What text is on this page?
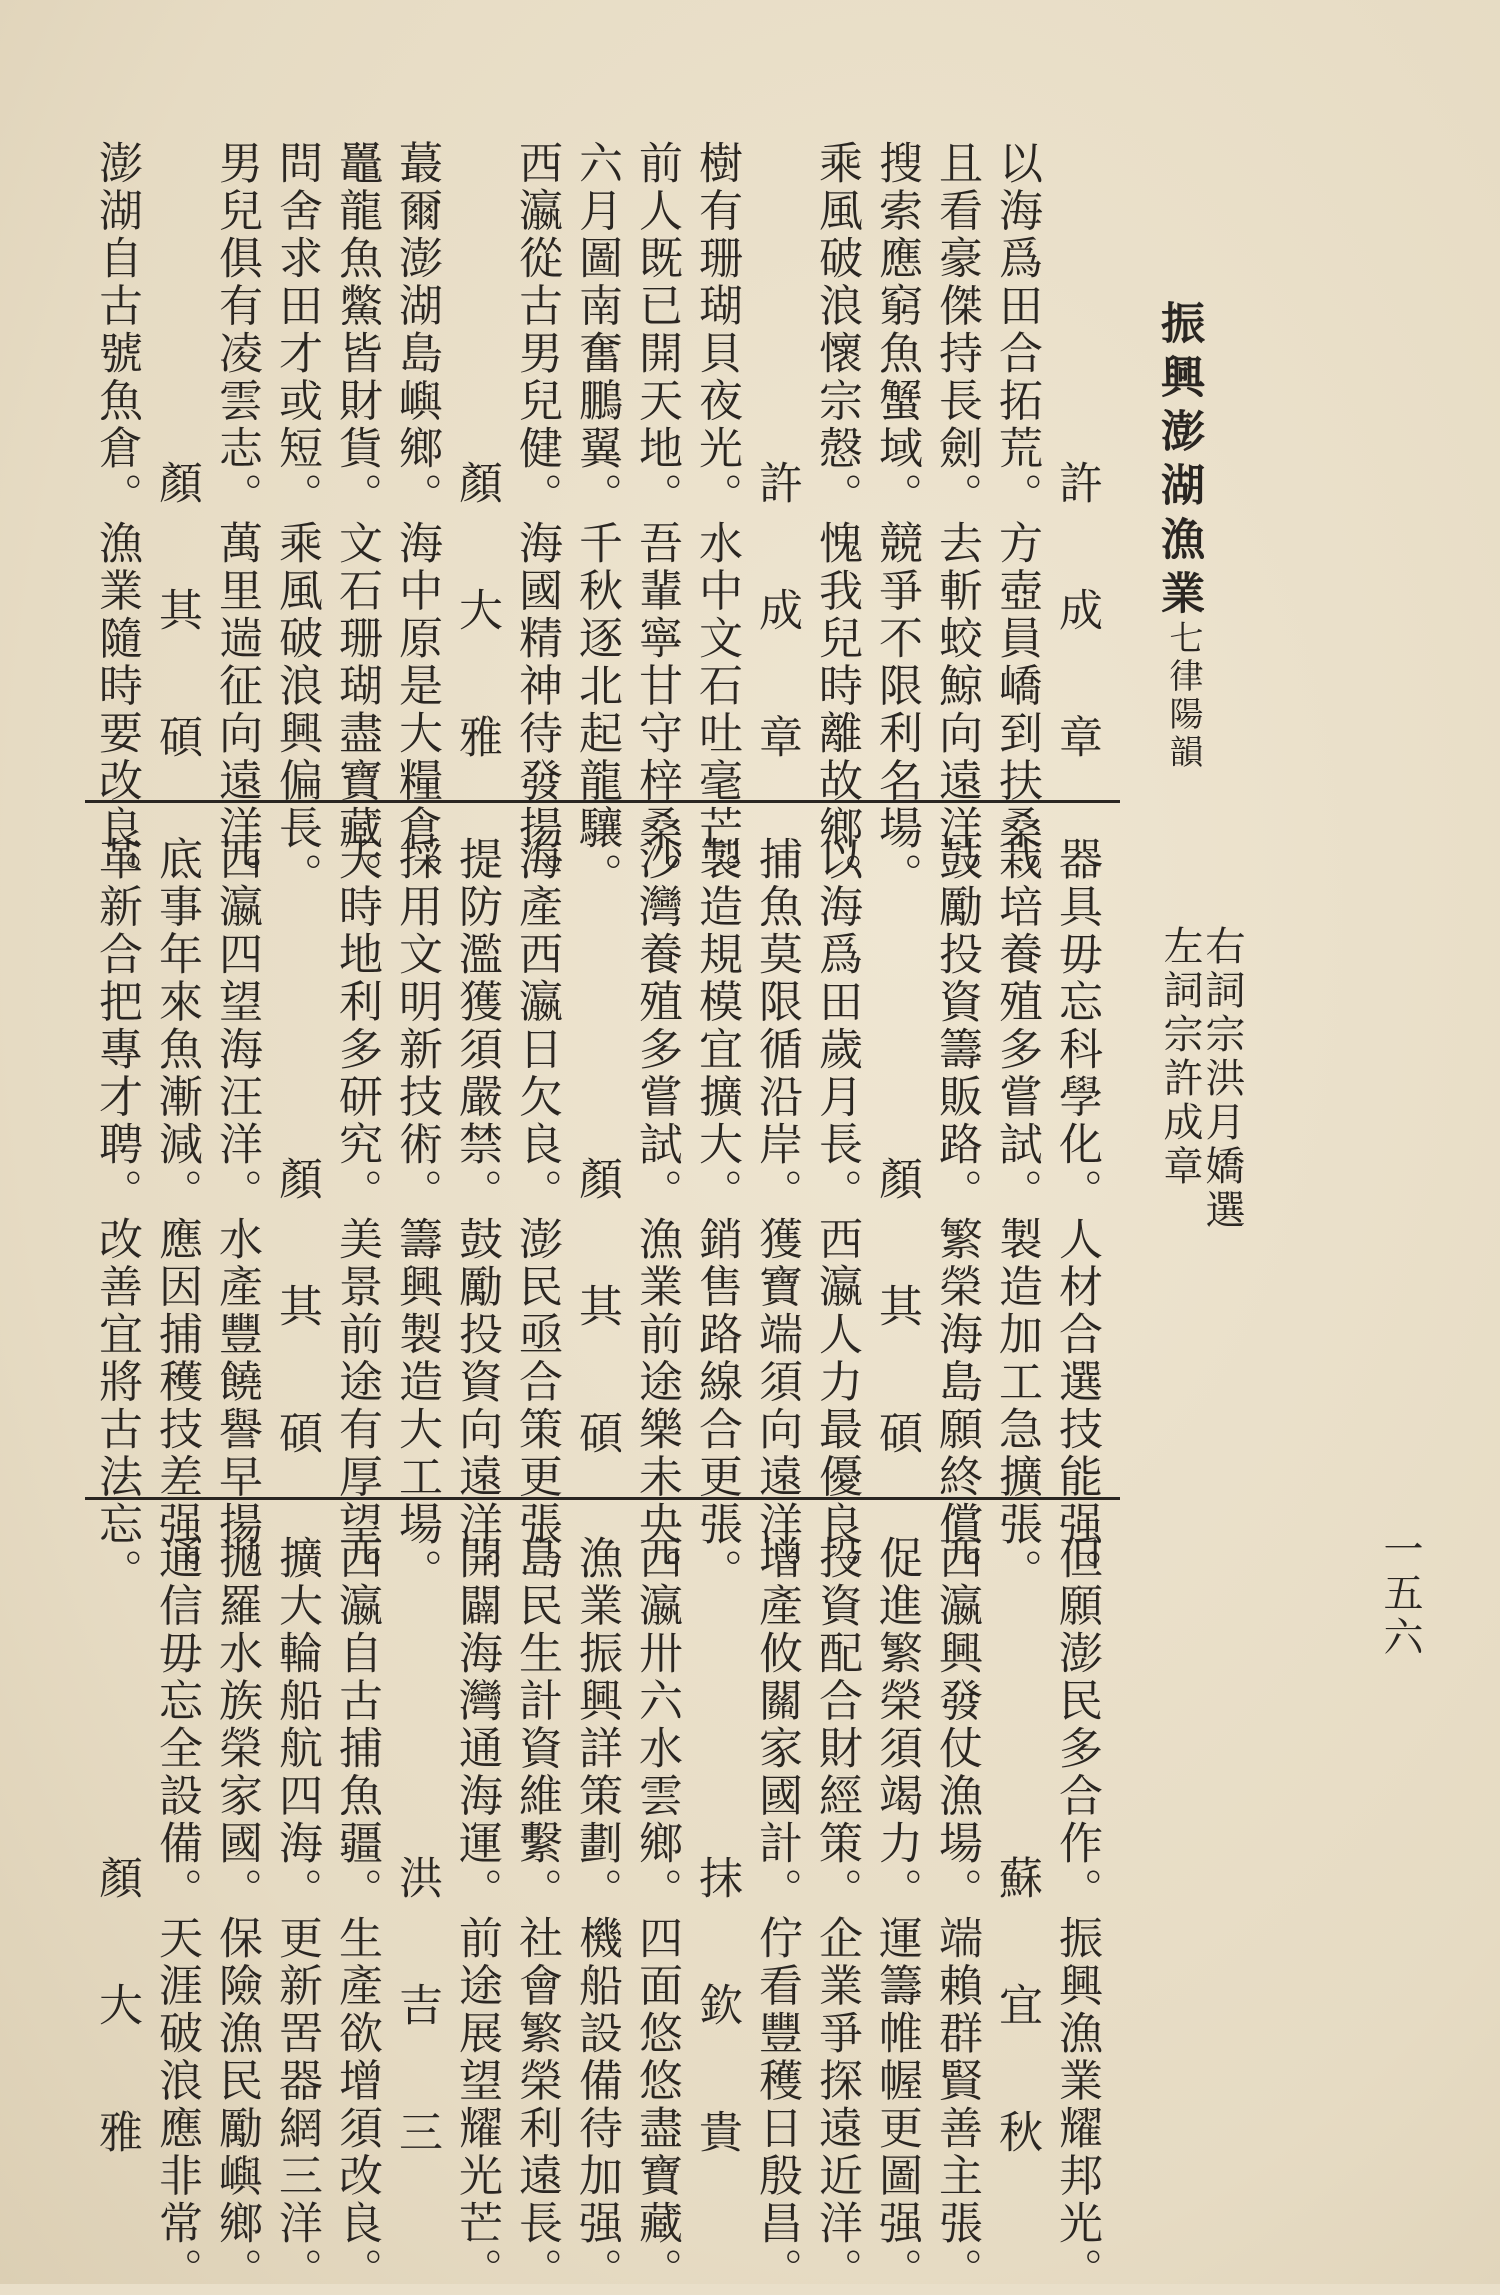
一五六
振興澎湖漁業
七律陽韻
左詞宗許成章
右詞宗洪月嬌選
許 成 章
以海爲田合拓荒。方壺員嶠到扶桑。
且看豪傑持長劍。去斬蛟鯨向遠洋。
搜索應窮魚蟹域。競爭不限利名場。
乘風破浪懷宗慤。愧我兒時離故鄉。
許 成 章
樹有珊瑚貝夜光。水中文石吐毫芒。
前人既已開天地。吾輩寧甘守梓桑。
六月圖南奮鵬翼。千秋逐北起龍驤。
西瀛從古男兒健。海國精神待發揚。
顏 大 雅
蕞爾澎湖島嶼鄉。海中原是大糧倉。
鼉龍魚鱉皆財貨。文石珊瑚盡寶藏。
問舍求田才或短。乘風破浪興偏長。
男兒俱有凌雲志。萬里遄征向遠洋。
顏 其 碩
澎湖自古號魚倉。漁業隨時要改良。
器具毋忘科學化。人材合選技能强。
栽培養殖多嘗試。製造加工急擴張。
鼓勵投資籌販路。繁榮海島願終償。
顏 其 碩
以海爲田歲月長。西瀛人力最優良。
捕魚莫限循沿岸。獲寶端須向遠洋。
製造規模宜擴大。銷售路線合更張。
沙灣養殖多嘗試。漁業前途樂未央。
顏 其 碩
海產西瀛日欠良。澎民亟合策更張。
提防濫獲須嚴禁。鼓勵投資向遠洋。
採用文明新技術。籌興製造大工場。
天時地利多研究。美景前途有厚望。
顏 其 碩
西瀛四望海汪洋。水產豐饒譽早揚。
底事年來魚漸減。應因捕穫技差强。
革新合把專才聘。改善宜將古法忘。
但願澎民多合作。振興漁業耀邦光。
蘇 宜 秋
西瀛興發仗漁場。端賴群賢善主張。
促進繁榮須竭力。運籌帷幄更圖强。
投資配合財經策。企業爭探遠近洋。
增產攸關家國計。佇看豐穫日殷昌。
抹 欽 貴
西瀛卅六水雲鄉。四面悠悠盡寶藏。
漁業振興詳策劃。機船設備待加强。
島民生計資維繫。社會繁榮利遠長。
開闢海灣通海運。前途展望耀光芒。
洪 吉 三
西瀛自古捕魚疆。生產欲增須改良。
擴大輪船航四海。更新罟器網三洋。
拋羅水族榮家國。保險漁民勵嶼鄉。
通信毋忘全設備。天涯破浪應非常。
顏 大 雅
